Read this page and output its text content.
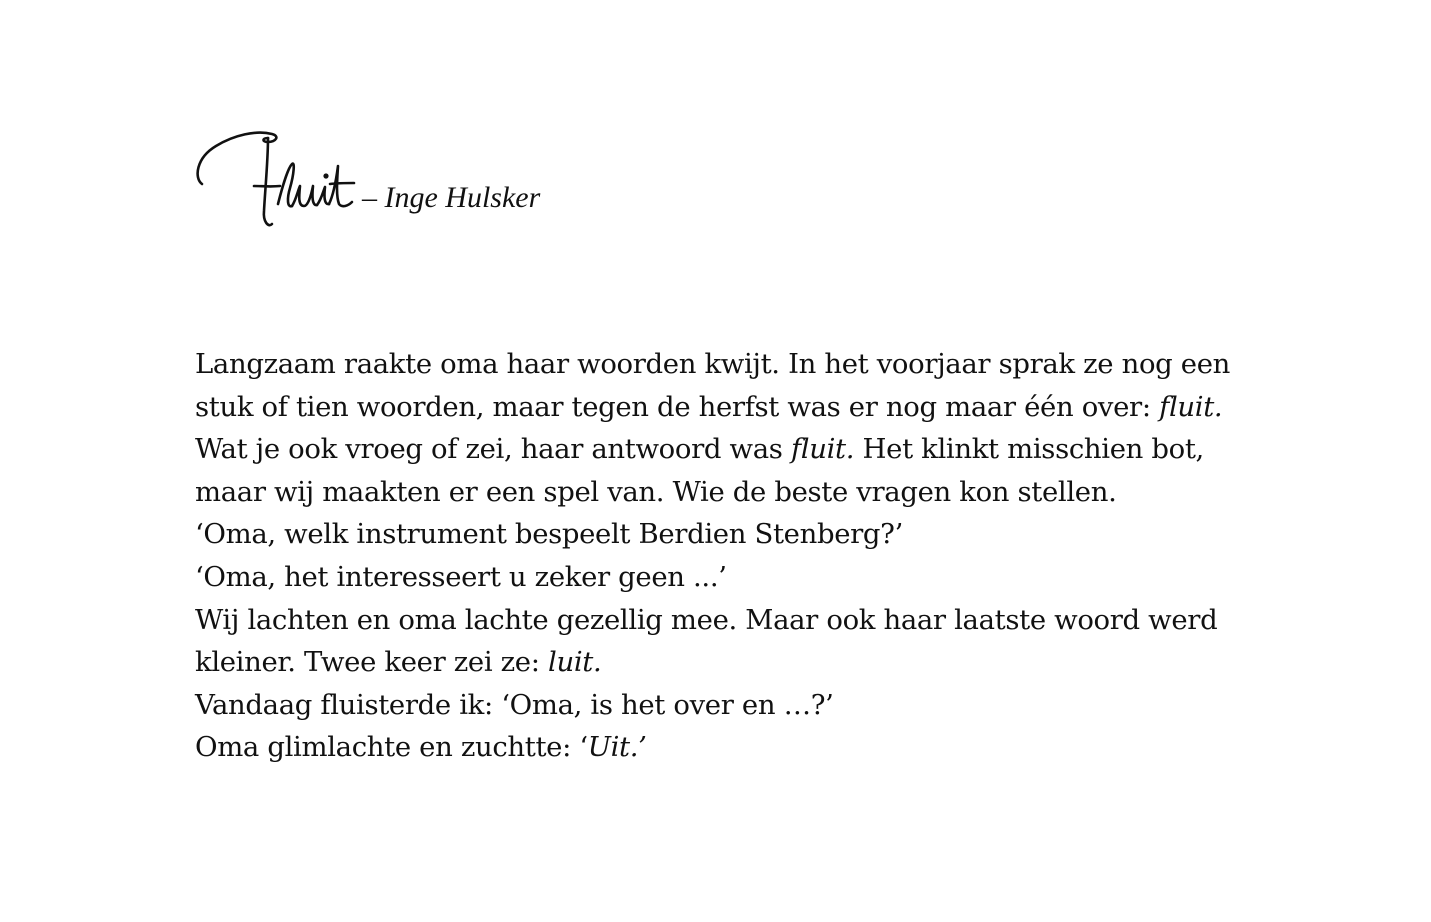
– Inge Hulsker
Langzaam raakte oma haar woorden kwijt. In het voorjaar sprak ze nog een
stuk of tien woorden, maar tegen de herfst was er nog maar één over: fluit.
Wat je ook vroeg of zei, haar antwoord was fluit. Het klinkt misschien bot,
maar wij maakten er een spel van. Wie de beste vragen kon stellen.
‘Oma, welk instrument bespeelt Berdien Stenberg?’
‘Oma, het interesseert u zeker geen ...’
Wij lachten en oma lachte gezellig mee. Maar ook haar laatste woord werd
kleiner. Twee keer zei ze: luit.
Vandaag fluisterde ik: ‘Oma, is het over en …?’
Oma glimlachte en zuchtte: ‘Uit.’
